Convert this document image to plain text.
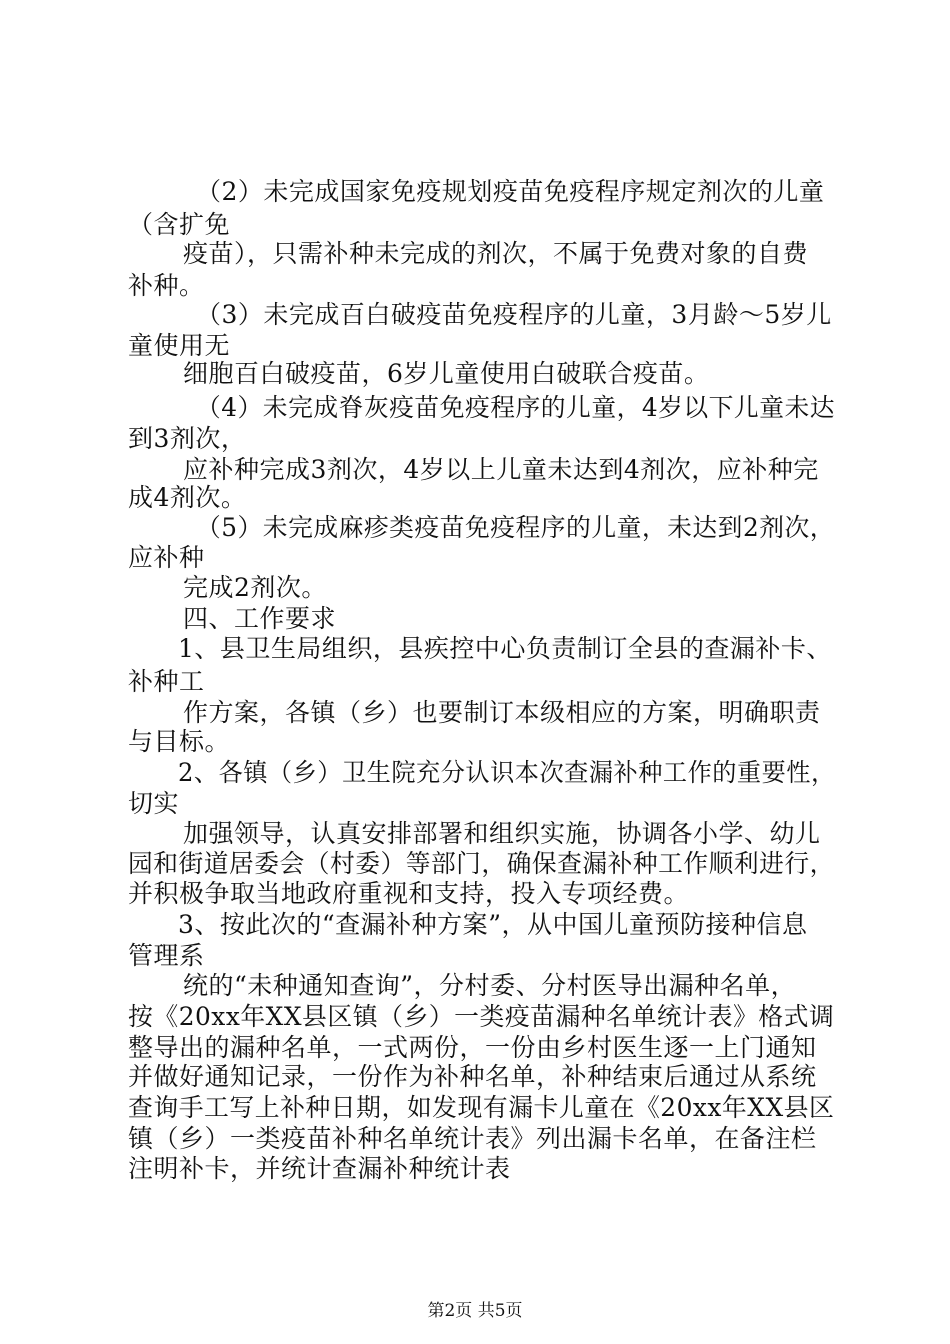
（2）未完成国家免疫规划疫苗免疫程序规定剂次的儿童
（含扩免
疫苗），只需补种未完成的剂次，不属于免费对象的自费
补种。
（3）未完成百白破疫苗免疫程序的儿童，3月龄～5岁儿
童使用无
细胞百白破疫苗，6岁儿童使用白破联合疫苗。
（4）未完成脊灰疫苗免疫程序的儿童，4岁以下儿童未达
到3剂次，
应补种完成3剂次，4岁以上儿童未达到4剂次，应补种完
成4剂次。
（5）未完成麻疹类疫苗免疫程序的儿童，未达到2剂次，
应补种
完成2剂次。
四、工作要求
1、县卫生局组织，县疾控中心负责制订全县的查漏补卡、
补种工
作方案，各镇（乡）也要制订本级相应的方案，明确职责
与目标。
2、各镇（乡）卫生院充分认识本次查漏补种工作的重要性，
切实
加强领导，认真安排部署和组织实施，协调各小学、幼儿
园和街道居委会（村委）等部门，确保查漏补种工作顺利进行，
并积极争取当地政府重视和支持，投入专项经费。
3、按此次的“查漏补种方案”，从中国儿童预防接种信息
管理系
统的“未种通知查询”，分村委、分村医导出漏种名单，
按《20xx年XX县区镇（乡）一类疫苗漏种名单统计表》格式调
整导出的漏种名单，一式两份，一份由乡村医生逐一上门通知
并做好通知记录，一份作为补种名单，补种结束后通过从系统
查询手工写上补种日期，如发现有漏卡儿童在《20xx年XX县区
镇（乡）一类疫苗补种名单统计表》列出漏卡名单，在备注栏
注明补卡，并统计查漏补种统计表
第2页 共5页
